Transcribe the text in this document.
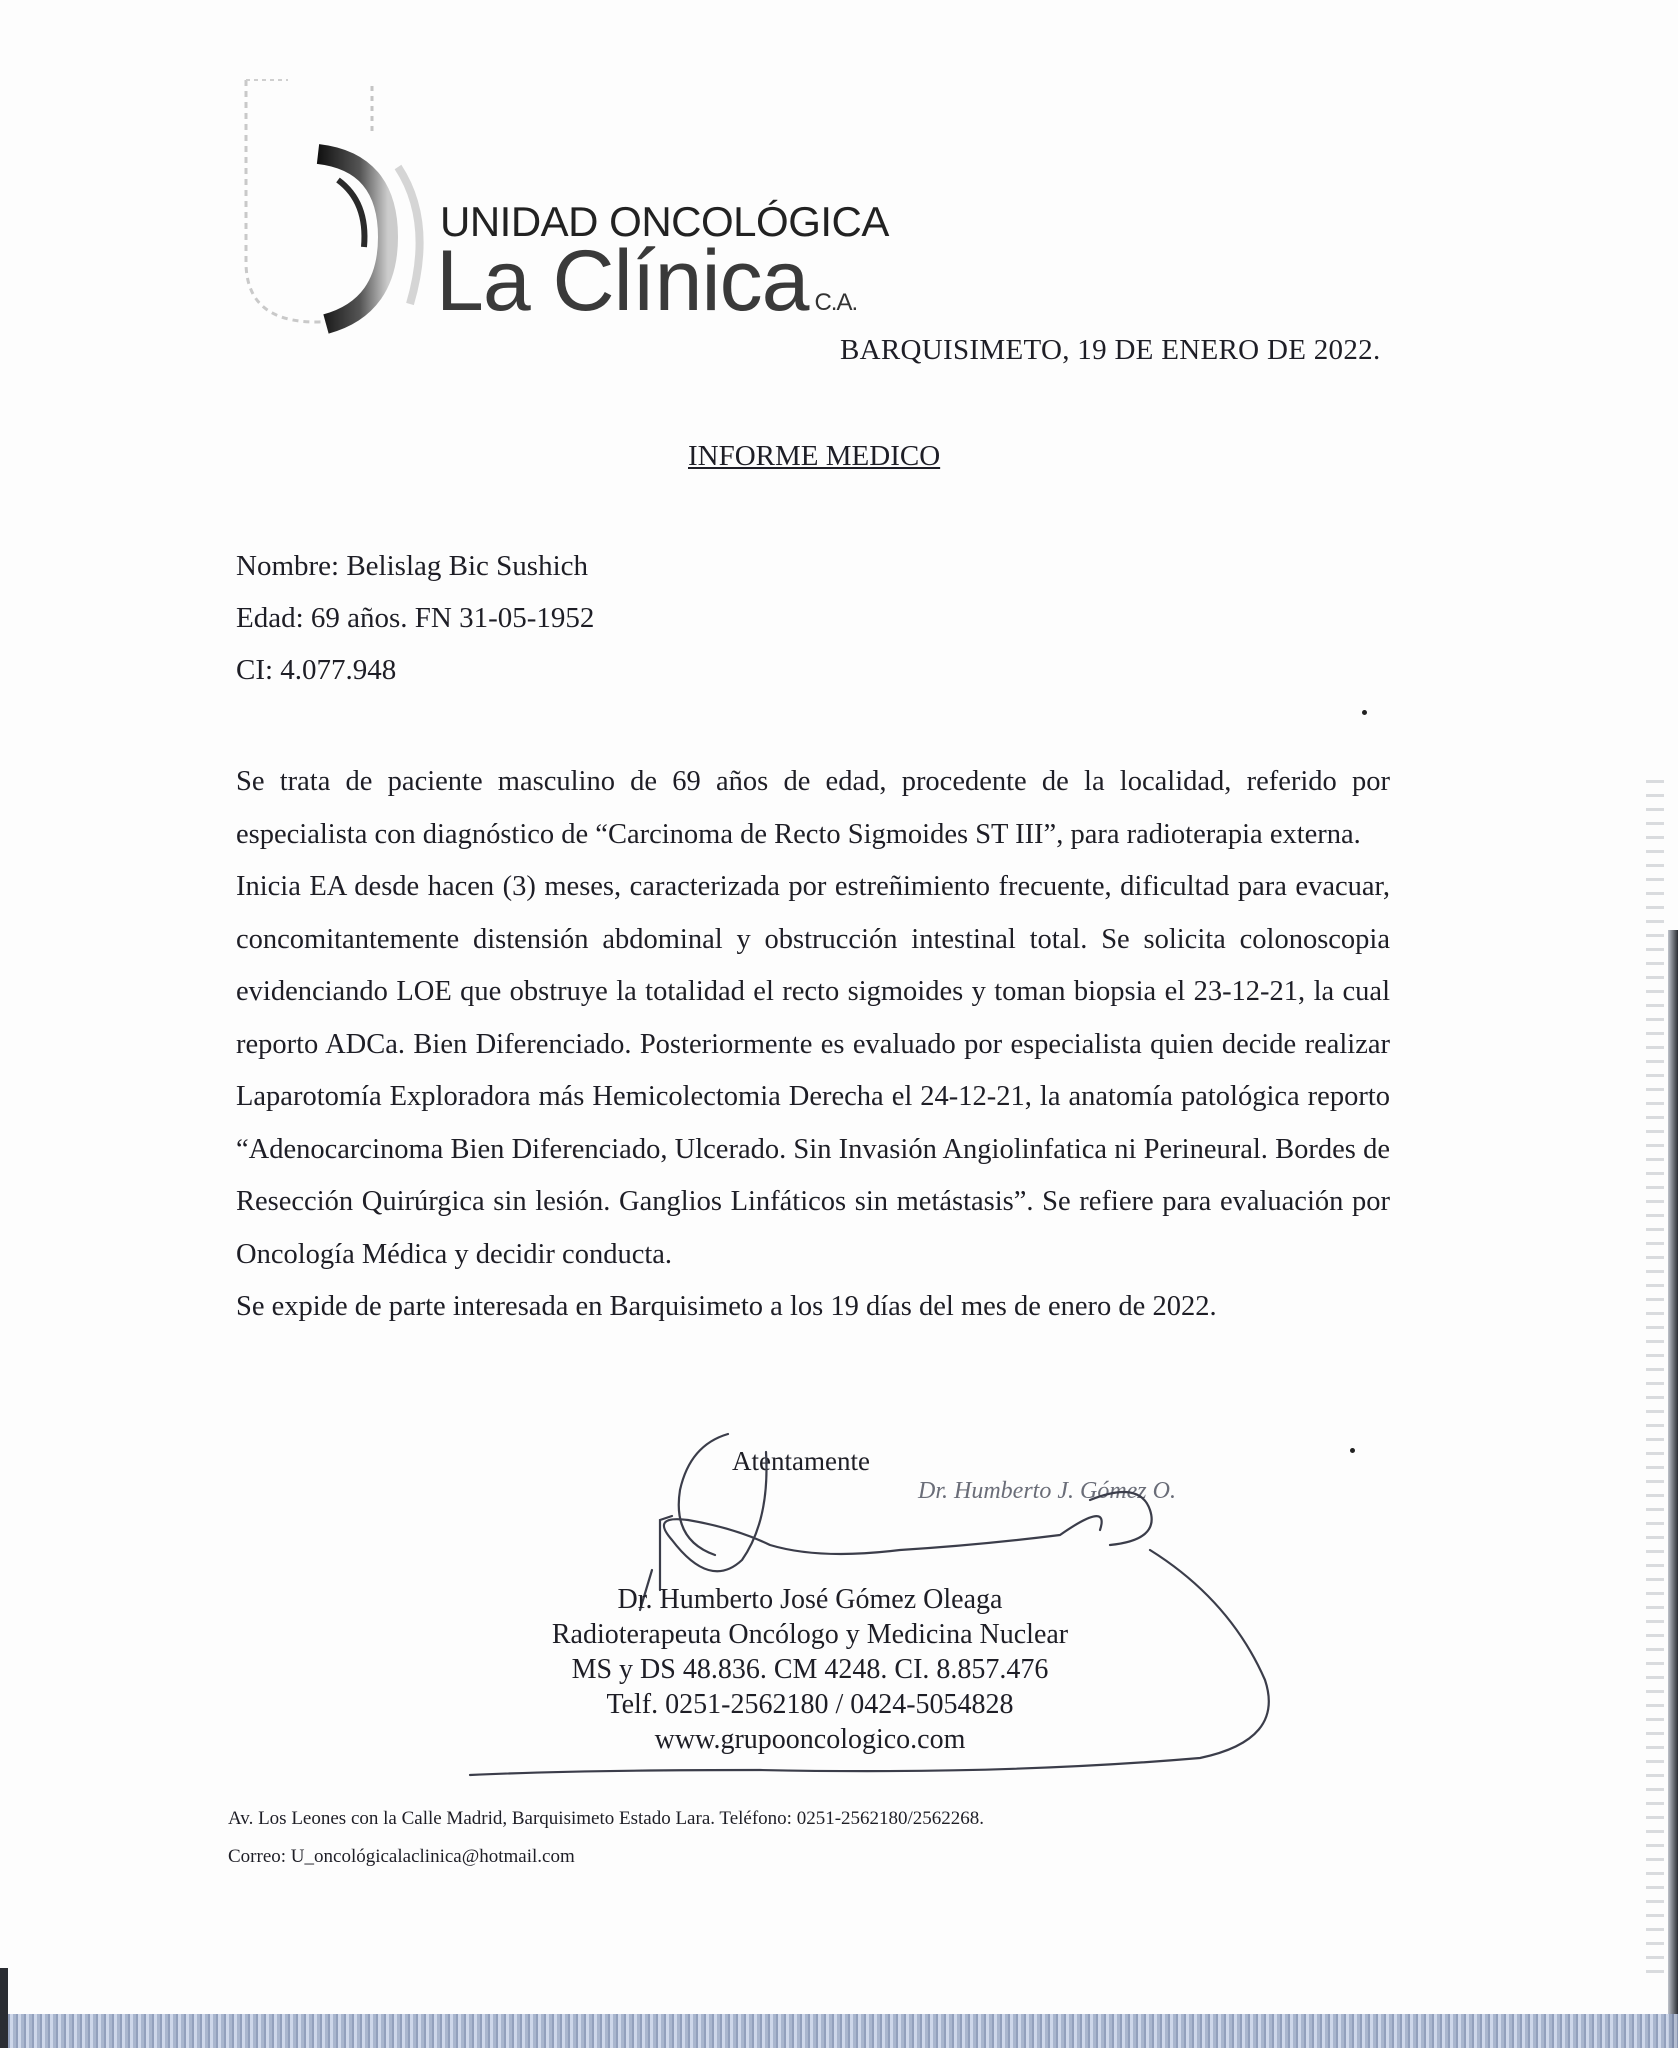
UNIDAD ONCOLÓGICA
La Clínica C.A.
BARQUISIMETO, 19 DE ENERO DE 2022.
INFORME MEDICO
Nombre: Belislag Bic Sushich
Edad: 69 años. FN 31-05-1952
CI: 4.077.948

Se trata de paciente masculino de 69 años de edad, procedente de la localidad, referido por especialista con diagnóstico de “Carcinoma de Recto Sigmoides ST III”, para radioterapia externa.

Inicia EA desde hacen (3) meses, caracterizada por estreñimiento frecuente, dificultad para evacuar, concomitantemente distensión abdominal y obstrucción intestinal total. Se solicita colonoscopia evidenciando LOE que obstruye la totalidad el recto sigmoides y toman biopsia el 23-12-21, la cual reporto ADCa. Bien Diferenciado. Posteriormente es evaluado por especialista quien decide realizar Laparotomía Exploradora más Hemicolectomia Derecha el 24-12-21, la anatomía patológica reporto “Adenocarcinoma Bien Diferenciado, Ulcerado. Sin Invasión Angiolinfatica ni Perineural. Bordes de Resección Quirúrgica sin lesión. Ganglios Linfáticos sin metástasis”. Se refiere para evaluación por Oncología Médica y decidir conducta.

Se expide de parte interesada en Barquisimeto a los 19 días del mes de enero de 2022.

Atentamente
Dr. Humberto J. Gómez O.
Dr. Humberto José Gómez Oleaga
Radioterapeuta Oncólogo y Medicina Nuclear
MS y DS 48.836. CM 4248. CI. 8.857.476
Telf. 0251-2562180 / 0424-5054828
www.grupooncologico.com
Av. Los Leones con la Calle Madrid, Barquisimeto Estado Lara. Teléfono: 0251-2562180/2562268.
Correo: U_oncológicalaclinica@hotmail.com
